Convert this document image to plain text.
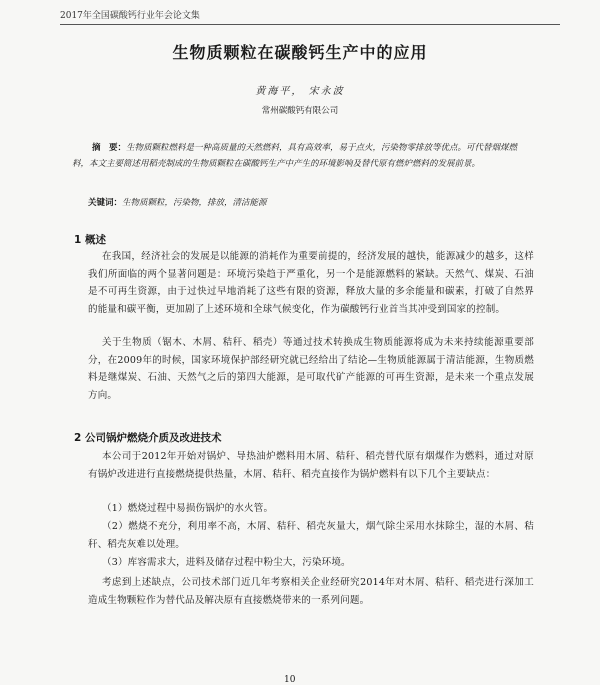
2017年全国碳酸钙行业年会论文集
生物质颗粒在碳酸钙生产中的应用
黄海平， 宋永波
常州碳酸钙有限公司
摘　要：生物质颗粒燃料是一种高质量的天然燃料，具有高效率，易于点火，污染物零排放等优点。可代替烟煤燃料，本文主要简述用稻壳制成的生物质颗粒在碳酸钙生产中产生的环境影响及替代原有燃炉燃料的发展前景。
关键词：生物质颗粒，污染物，排放，清洁能源
1 概述
在我国，经济社会的发展是以能源的消耗作为重要前提的，经济发展的越快，能源减少的越多，这样我们所面临的两个显著问题是：环境污染趋于严重化，另一个是能源燃料的紧缺。天然气、煤炭、石油是不可再生资源，由于过快过早地消耗了这些有限的资源，释放大量的多余能量和碳素，打破了自然界的能量和碳平衡，更加剧了上述环境和全球气候变化，作为碳酸钙行业首当其冲受到国家的控制。
关于生物质（锯木、木屑、秸秆、稻壳）等通过技术转换成生物质能源将成为未来持续能源重要部分，在2009年的时候，国家环境保护部经研究就已经给出了结论—生物质能源属于清洁能源，生物质燃料是继煤炭、石油、天然气之后的第四大能源，是可取代矿产能源的可再生资源，是未来一个重点发展方向。
2 公司锅炉燃烧介质及改进技术
本公司于2012年开始对锅炉、导热油炉燃料用木屑、秸秆、稻壳替代原有烟煤作为燃料，通过对原有锅炉改进进行直接燃烧提供热量，木屑、秸秆、稻壳直接作为锅炉燃料有以下几个主要缺点：
（1）燃烧过程中易损伤锅炉的水火管。
（2）燃烧不充分，利用率不高，木屑、秸秆、稻壳灰量大，烟气除尘采用水抹除尘，湿的木屑、秸秆、稻壳灰难以处理。
（3）库容需求大，进料及储存过程中粉尘大，污染环境。
考虑到上述缺点，公司技术部门近几年考察相关企业经研究2014年对木屑、秸秆、稻壳进行深加工造成生物颗粒作为替代品及解决原有直接燃烧带来的一系列问题。
10
